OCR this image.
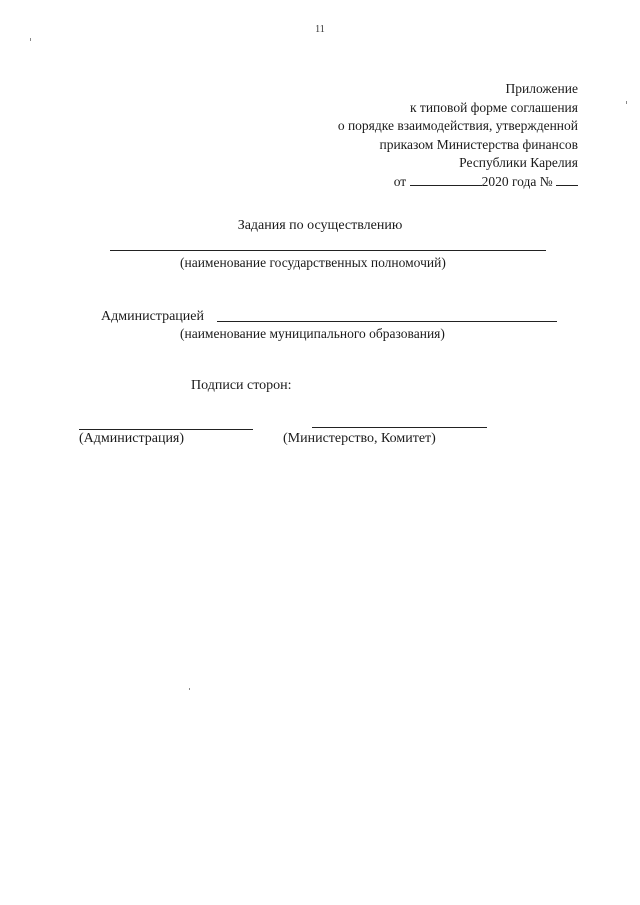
11
Приложение
к типовой форме соглашения
о порядке взаимодействия, утвержденной
приказом Министерства финансов
Республики Карелия
от	2020 года №
Задания по осуществлению
(наименование государственных полномочий)
Администрацией
(наименование муниципального образования)
Подписи сторон:
(Администрация)	(Министерство, Комитет)
